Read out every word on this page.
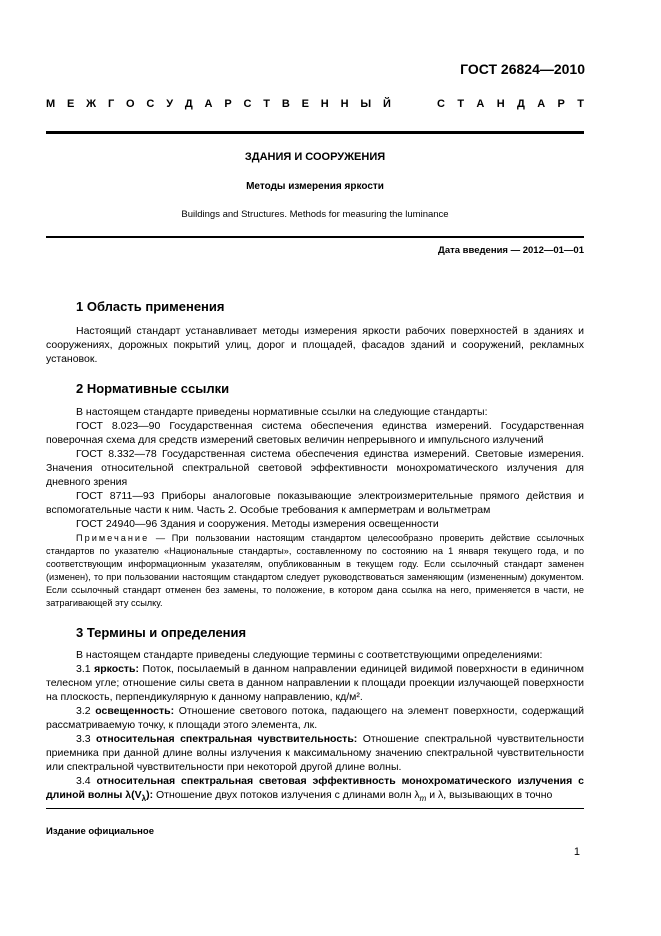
ГОСТ 26824—2010
М Е Ж Г О С У Д А Р С Т В Е Н Н Ы Й	С Т А Н Д А Р Т
ЗДАНИЯ И СООРУЖЕНИЯ
Методы измерения яркости
Buildings and Structures. Methods for measuring the luminance
Дата введения — 2012—01—01
1 Область применения

Настоящий стандарт устанавливает методы измерения яркости рабочих поверхностей в зданиях и сооружениях, дорожных покрытий улиц, дорог и площадей, фасадов зданий и сооружений, рекламных установок.

2 Нормативные ссылки

В настоящем стандарте приведены нормативные ссылки на следующие стандарты:

ГОСТ 8.023—90 Государственная система обеспечения единства измерений. Государственная поверочная схема для средств измерений световых величин непрерывного и импульсного излучений

ГОСТ 8.332—78 Государственная система обеспечения единства измерений. Световые измерения. Значения относительной спектральной световой эффективности монохроматического излучения для дневного зрения

ГОСТ 8711—93 Приборы аналоговые показывающие электроизмерительные прямого действия и вспомогательные части к ним. Часть 2. Особые требования к амперметрам и вольтметрам

ГОСТ 24940—96 Здания и сооружения. Методы измерения освещенности

Примечание — При пользовании настоящим стандартом целесообразно проверить действие ссылочных стандартов по указателю «Национальные стандарты», составленному по состоянию на 1 января текущего года, и по соответствующим информационным указателям, опубликованным в текущем году. Если ссылочный стандарт заменен (изменен), то при пользовании настоящим стандартом следует руководствоваться заменяющим (измененным) документом. Если ссылочный стандарт отменен без замены, то положение, в котором дана ссылка на него, применяется в части, не затрагивающей эту ссылку.

3 Термины и определения

В настоящем стандарте приведены следующие термины с соответствующими определениями:

3.1 яркость: Поток, посылаемый в данном направлении единицей видимой поверхности в единичном телесном угле; отношение силы света в данном направлении к площади проекции излучающей поверхности на плоскость, перпендикулярную к данному направлению, кд/м².

3.2 освещенность: Отношение светового потока, падающего на элемент поверхности, содержащий рассматриваемую точку, к площади этого элемента, лк.

3.3 относительная спектральная чувствительность: Отношение спектральной чувствительности приемника при данной длине волны излучения к максимальному значению спектральной чувствительности или спектральной чувствительности при некоторой другой длине волны.

3.4 относительная спектральная световая эффективность монохроматического излучения с длиной волны $\lambda(V_\lambda)$: Отношение двух потоков излучения с длинами волн $\lambda_m$ и λ, вызывающих в точно

Издание официальное
1
